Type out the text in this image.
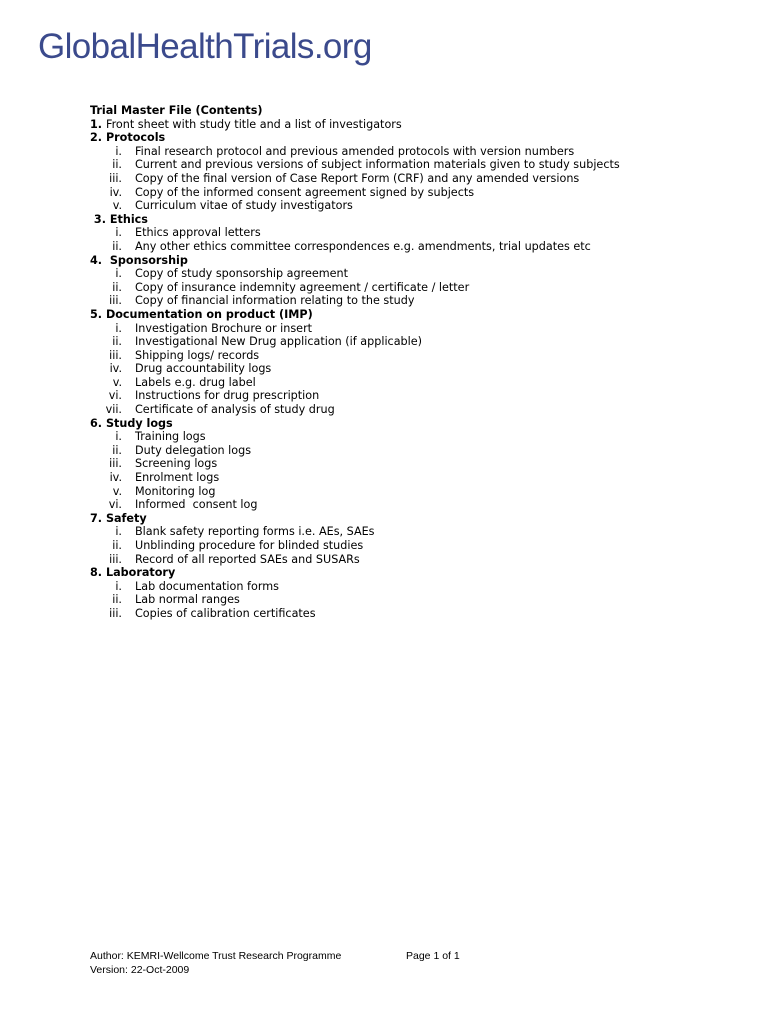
GlobalHealthTrials.org
Trial Master File (Contents)
1. Front sheet with study title and a list of investigators
2. Protocols
i.	Final research protocol and previous amended protocols with version numbers
ii.	Current and previous versions of subject information materials given to study subjects
iii.	Copy of the final version of Case Report Form (CRF) and any amended versions
iv.	Copy of the informed consent agreement signed by subjects
v.	Curriculum vitae of study investigators
3. Ethics
i.	Ethics approval letters
ii.	Any other ethics committee correspondences e.g. amendments, trial updates etc
4.  Sponsorship
i.	Copy of study sponsorship agreement
ii.	Copy of insurance indemnity agreement / certificate / letter
iii.	Copy of financial information relating to the study
5. Documentation on product (IMP)
i.	Investigation Brochure or insert
ii.	Investigational New Drug application (if applicable)
iii.	Shipping logs/ records
iv.	Drug accountability logs
v.	Labels e.g. drug label
vi.	Instructions for drug prescription
vii.	Certificate of analysis of study drug
6. Study logs
i.	Training logs
ii.	Duty delegation logs
iii.	Screening logs
iv.	Enrolment logs
v.	Monitoring log
vi.	Informed  consent log
7. Safety
i.	Blank safety reporting forms i.e. AEs, SAEs
ii.	Unblinding procedure for blinded studies
iii.	Record of all reported SAEs and SUSARs
8. Laboratory
i.	Lab documentation forms
ii.	Lab normal ranges
iii.	Copies of calibration certificates
Author: KEMRI-Wellcome Trust Research Programme	Page 1 of 1
Version: 22-Oct-2009
